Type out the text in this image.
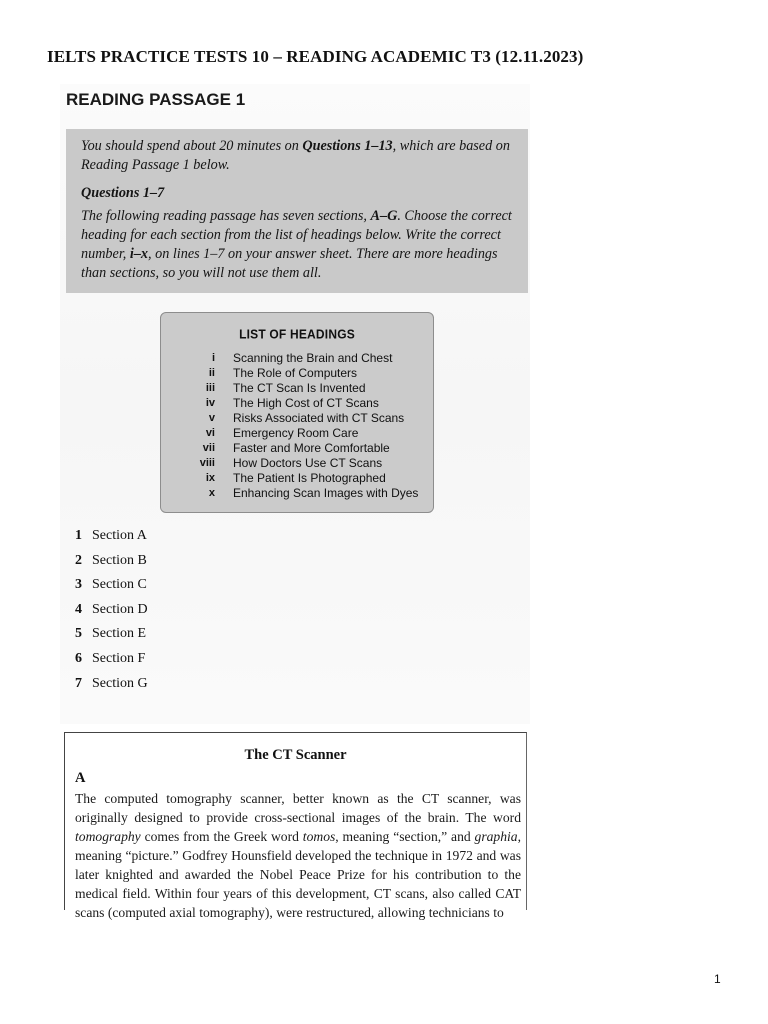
IELTS PRACTICE TESTS 10 – READING ACADEMIC T3 (12.11.2023)
READING PASSAGE 1

You should spend about 20 minutes on Questions 1–13, which are based on Reading Passage 1 below.

Questions 1–7

The following reading passage has seven sections, A–G. Choose the correct heading for each section from the list of headings below. Write the correct number, i–x, on lines 1–7 on your answer sheet. There are more headings than sections, so you will not use them all.

LIST OF HEADINGS
i	Scanning the Brain and Chest
ii	The Role of Computers
iii	The CT Scan Is Invented
iv	The High Cost of CT Scans
v	Risks Associated with CT Scans
vi	Emergency Room Care
vii	Faster and More Comfortable
viii	How Doctors Use CT Scans
ix	The Patient Is Photographed
x	Enhancing Scan Images with Dyes
1 Section A
2 Section B
3 Section C
4 Section D
5 Section E
6 Section F
7 Section G
The CT Scanner
A

The computed tomography scanner, better known as the CT scanner, was originally designed to provide cross-sectional images of the brain. The word tomography comes from the Greek word tomos, meaning “section,” and graphia, meaning “picture.” Godfrey Hounsfield developed the technique in 1972 and was later knighted and awarded the Nobel Peace Prize for his contribution to the medical field. Within four years of this development, CT scans, also called CAT scans (computed axial tomography), were restructured, allowing technicians to

1
